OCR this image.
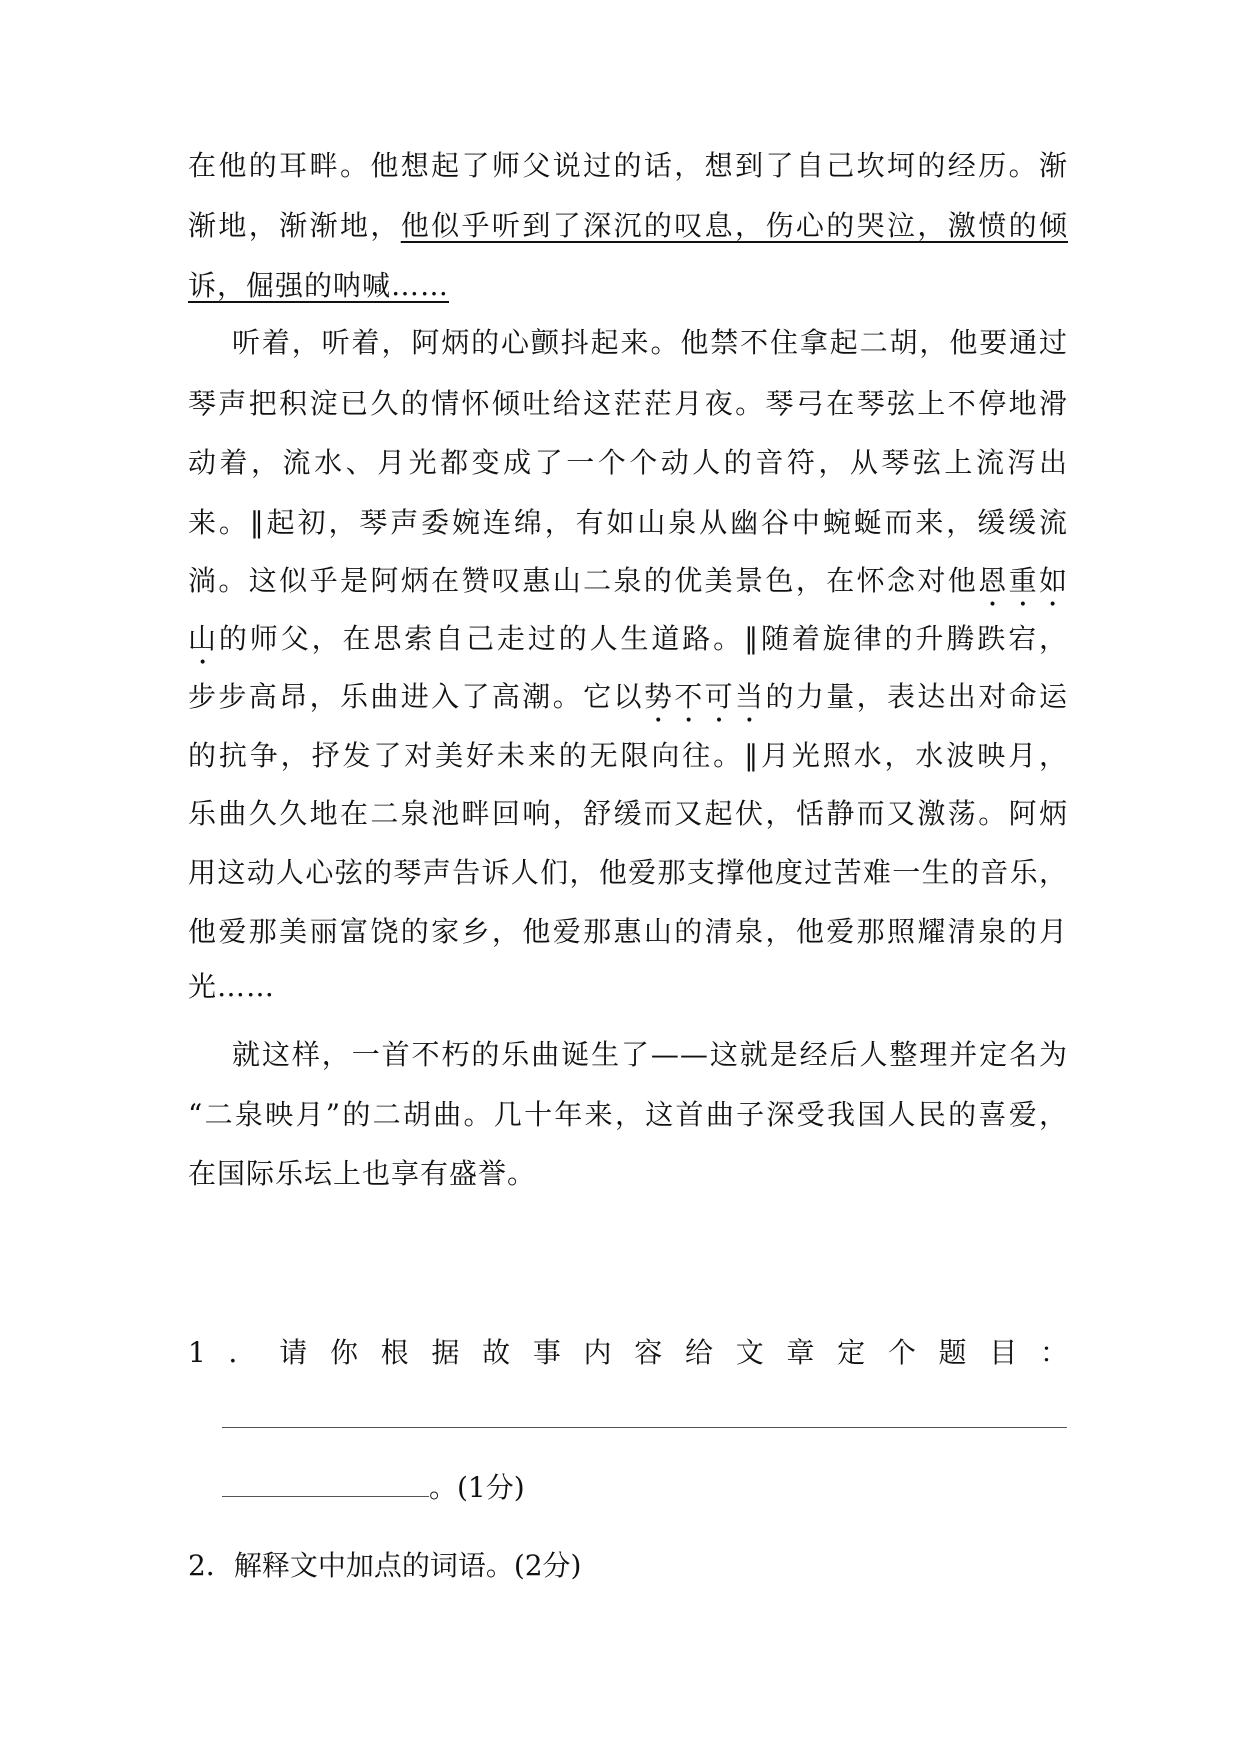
在他的耳畔。他想起了师父说过的话，想到了自己坎坷的经历。渐
渐地，渐渐地，他似乎听到了深沉的叹息，伤心的哭泣，激愤的倾
诉，倔强的呐喊……
听着，听着，阿炳的心颤抖起来。他禁不住拿起二胡，他要通过
琴声把积淀已久的情怀倾吐给这茫茫月夜。琴弓在琴弦上不停地滑
动着，流水、月光都变成了一个个动人的音符，从琴弦上流泻出
来。‖起初，琴声委婉连绵，有如山泉从幽谷中蜿蜒而来，缓缓流
淌。这似乎是阿炳在赞叹惠山二泉的优美景色，在怀念对他恩重如
山的师父，在思索自己走过的人生道路。‖随着旋律的升腾跌宕，
步步高昂，乐曲进入了高潮。它以势不可当的力量，表达出对命运
的抗争，抒发了对美好未来的无限向往。‖月光照水，水波映月，
乐曲久久地在二泉池畔回响，舒缓而又起伏，恬静而又激荡。阿炳
用这动人心弦的琴声告诉人们，他爱那支撑他度过苦难一生的音乐，
他爱那美丽富饶的家乡，他爱那惠山的清泉，他爱那照耀清泉的月
光……
就这样，一首不朽的乐曲诞生了——这就是经后人整理并定名为
“二泉映月”的二胡曲。几十年来，这首曲子深受我国人民的喜爱，
在国际乐坛上也享有盛誉。
1．请你根据故事内容给文章定个题目：
。(1分)
2．解释文中加点的词语。(2分)
